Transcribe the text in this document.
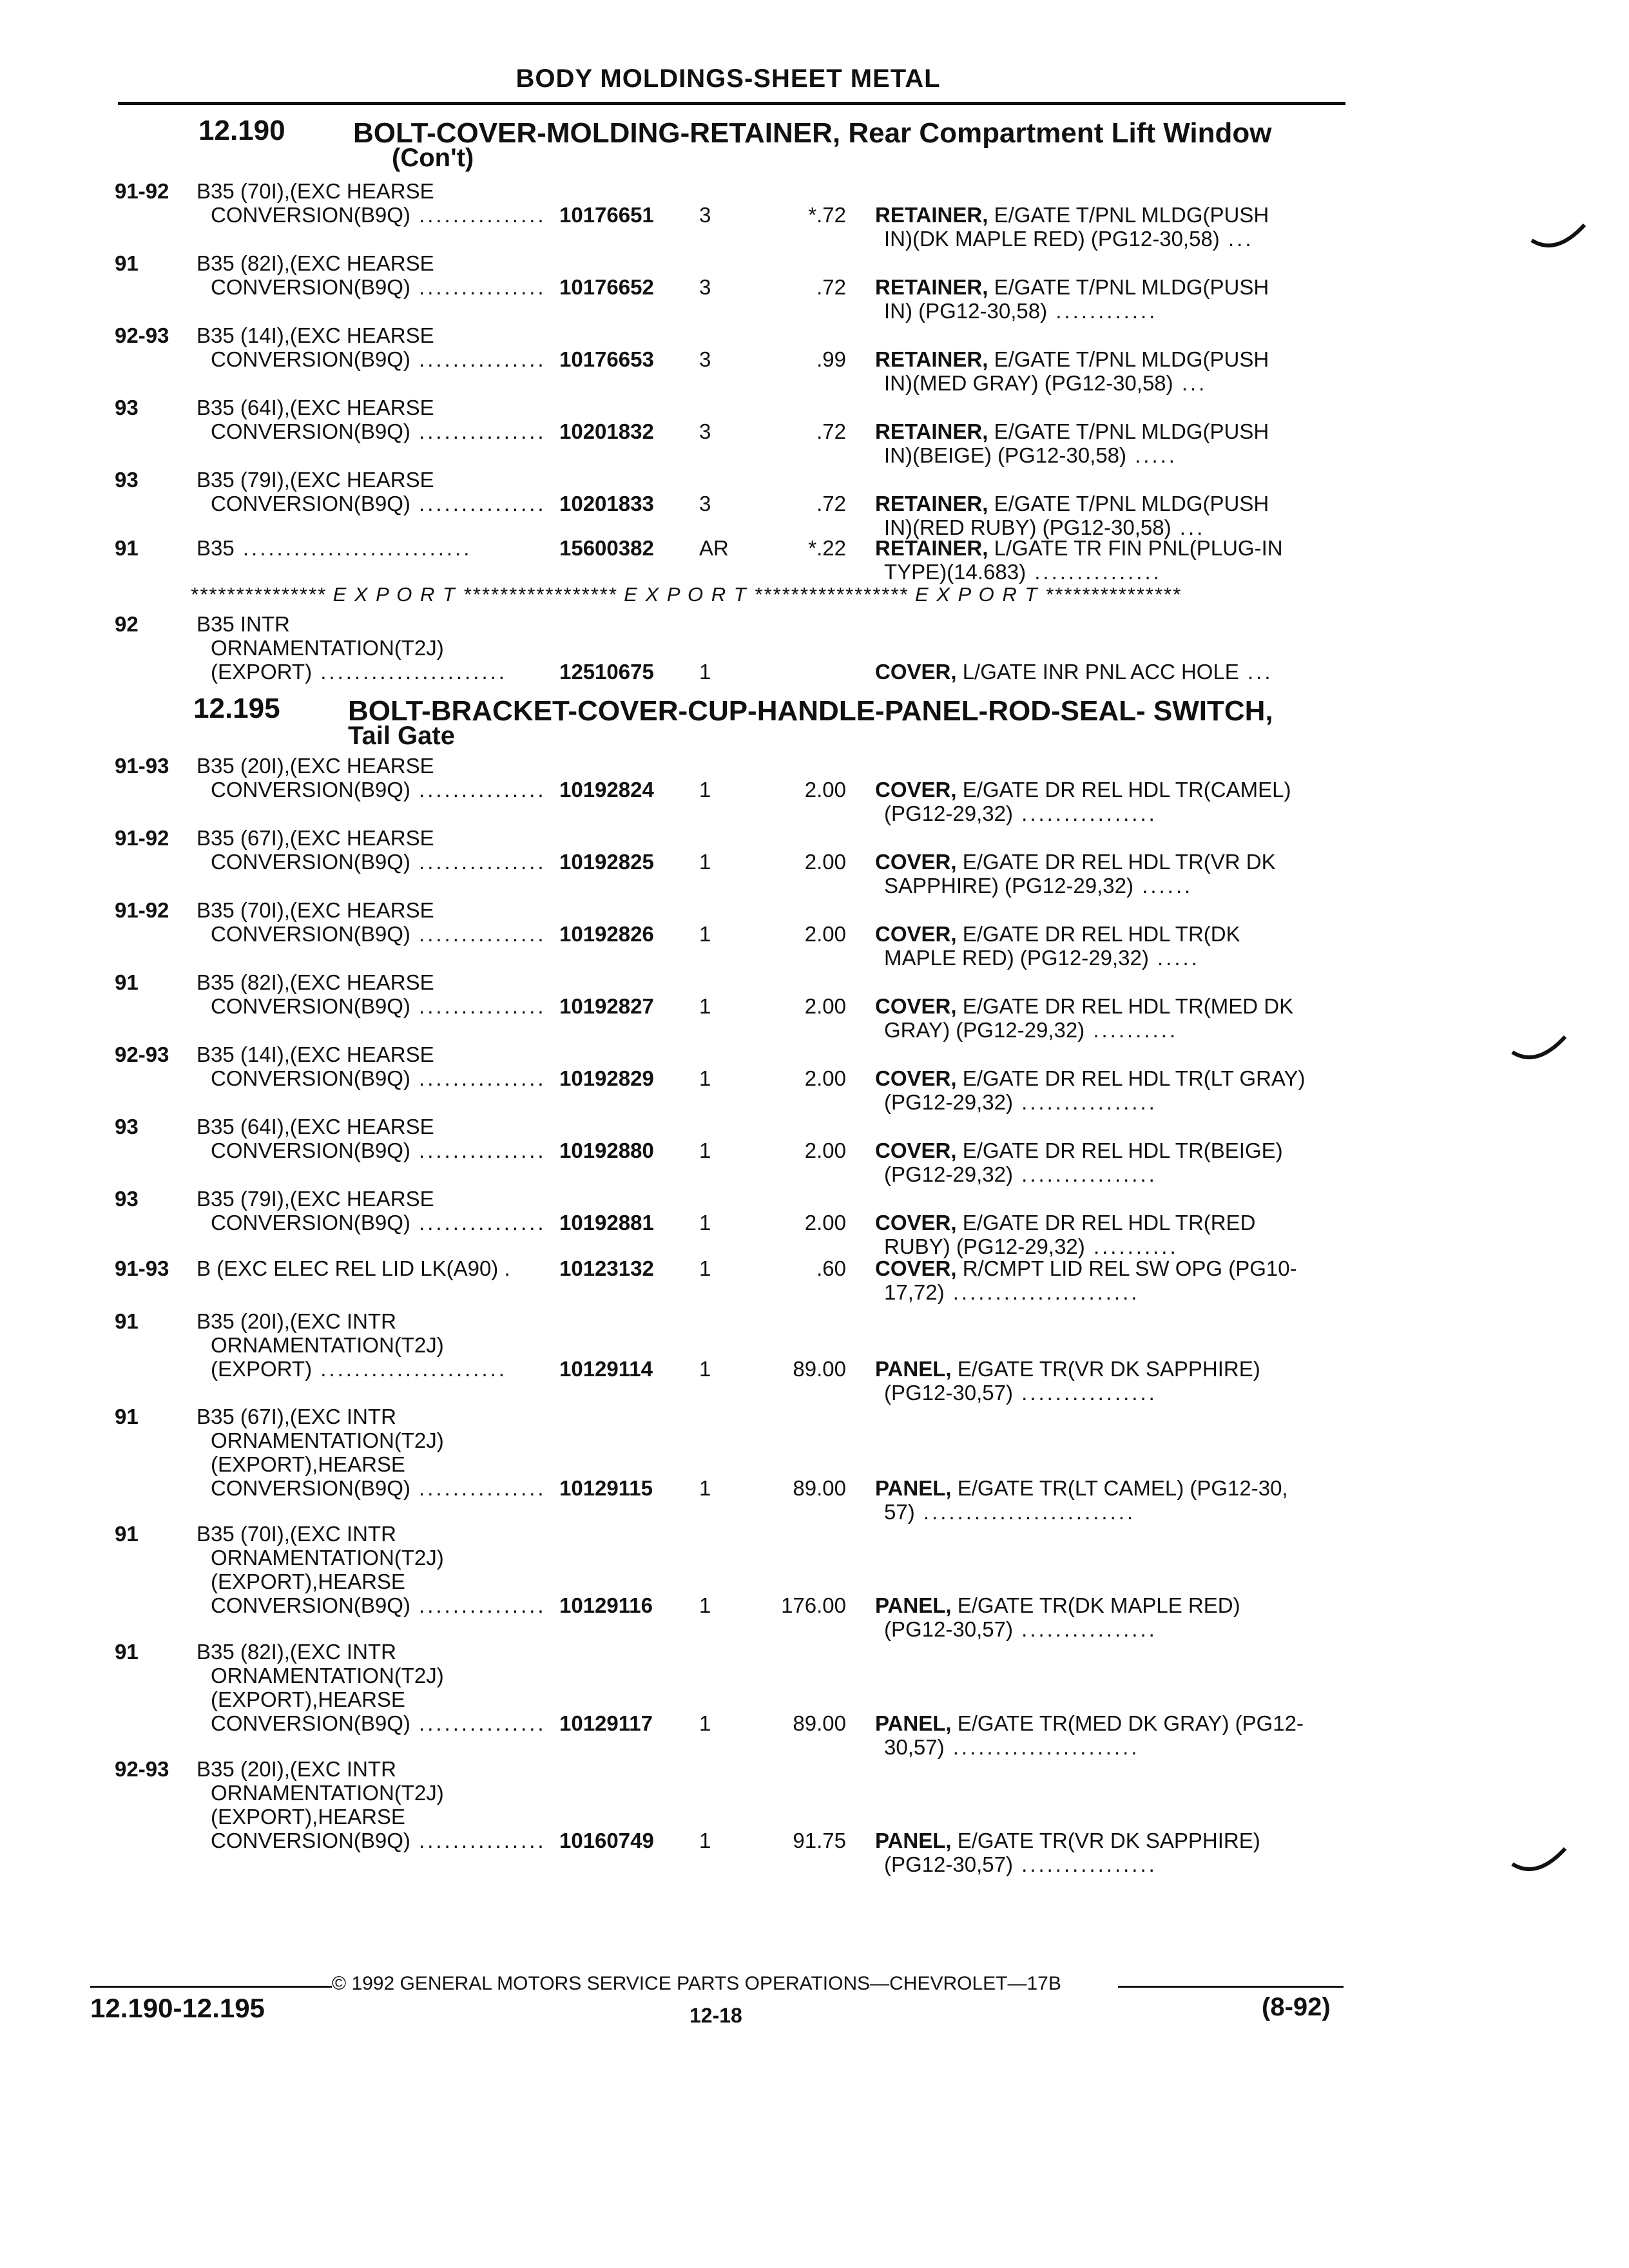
BODY MOLDINGS-SHEET METAL
12.190 BOLT-COVER-MOLDING-RETAINER, Rear Compartment Lift Window
(Con't)
91-92 B35 (70I),(EXC HEARSE
CONVERSION(B9Q) ............... 10176651 3	*.72 RETAINER, E/GATE T/PNL MLDG(PUSH
IN)(DK MAPLE RED) (PG12-30,58) ...
91	B35 (82I),(EXC HEARSE
CONVERSION(B9Q) ............... 10176652 3	.72 RETAINER, E/GATE T/PNL MLDG(PUSH
IN) (PG12-30,58) ............
92-93 B35 (14I),(EXC HEARSE
CONVERSION(B9Q) ............... 10176653 3	.99 RETAINER, E/GATE T/PNL MLDG(PUSH
IN)(MED GRAY) (PG12-30,58) ...
93	B35 (64I),(EXC HEARSE
CONVERSION(B9Q) ............... 10201832 3	.72 RETAINER, E/GATE T/PNL MLDG(PUSH
IN)(BEIGE) (PG12-30,58) .....
93	B35 (79I),(EXC HEARSE
CONVERSION(B9Q) ............... 10201833 3	.72 RETAINER, E/GATE T/PNL MLDG(PUSH
IN)(RED RUBY) (PG12-30,58) ...
91	B35 ...........................	15600382 AR	*.22 RETAINER, L/GATE TR FIN PNL(PLUG-IN
TYPE)(14.683) ...............
*************** E X P O R T ***************** E X P O R T ***************** E X P O R T ***************
92	B35 INTR
ORNAMENTATION(T2J)
(EXPORT) ...................... 12510675 1	COVER, L/GATE INR PNL ACC HOLE ...
12.195 BOLT-BRACKET-COVER-CUP-HANDLE-PANEL-ROD-SEAL- SWITCH,
Tail Gate
91-93 B35 (20I),(EXC HEARSE
CONVERSION(B9Q) ............... 10192824 1	2.00 COVER, E/GATE DR REL HDL TR(CAMEL)
(PG12-29,32) ................
91-92 B35 (67I),(EXC HEARSE
CONVERSION(B9Q) ............... 10192825 1	2.00 COVER, E/GATE DR REL HDL TR(VR DK
SAPPHIRE) (PG12-29,32) ......
91-92 B35 (70I),(EXC HEARSE
CONVERSION(B9Q) ............... 10192826 1	2.00 COVER, E/GATE DR REL HDL TR(DK
MAPLE RED) (PG12-29,32) .....
91	B35 (82I),(EXC HEARSE
CONVERSION(B9Q) ............... 10192827 1	2.00 COVER, E/GATE DR REL HDL TR(MED DK
GRAY) (PG12-29,32) ..........
92-93 B35 (14I),(EXC HEARSE
CONVERSION(B9Q) ............... 10192829 1	2.00 COVER, E/GATE DR REL HDL TR(LT GRAY)
(PG12-29,32) ................
93	B35 (64I),(EXC HEARSE
CONVERSION(B9Q) ............... 10192880 1	2.00 COVER, E/GATE DR REL HDL TR(BEIGE)
(PG12-29,32) ................
93	B35 (79I),(EXC HEARSE
CONVERSION(B9Q) ............... 10192881 1	2.00 COVER, E/GATE DR REL HDL TR(RED
RUBY) (PG12-29,32) ..........
91-93 B (EXC ELEC REL LID LK(A90) . 10123132 1	.60 COVER, R/CMPT LID REL SW OPG (PG10-
17,72) ......................
91	B35 (20I),(EXC INTR
ORNAMENTATION(T2J)
(EXPORT) ...................... 10129114 1	89.00 PANEL, E/GATE TR(VR DK SAPPHIRE)
(PG12-30,57) ................
91	B35 (67I),(EXC INTR
ORNAMENTATION(T2J)
(EXPORT),HEARSE
CONVERSION(B9Q) ............... 10129115 1	89.00 PANEL, E/GATE TR(LT CAMEL) (PG12-30,
57) .........................
91	B35 (70I),(EXC INTR
ORNAMENTATION(T2J)
(EXPORT),HEARSE
CONVERSION(B9Q) ............... 10129116 1	176.00 PANEL, E/GATE TR(DK MAPLE RED)
(PG12-30,57) ................
91	B35 (82I),(EXC INTR
ORNAMENTATION(T2J)
(EXPORT),HEARSE
CONVERSION(B9Q) ............... 10129117 1	89.00 PANEL, E/GATE TR(MED DK GRAY) (PG12-
30,57) ......................
92-93 B35 (20I),(EXC INTR
ORNAMENTATION(T2J)
(EXPORT),HEARSE
CONVERSION(B9Q) ............... 10160749 1	91.75 PANEL, E/GATE TR(VR DK SAPPHIRE)
(PG12-30,57) ................
© 1992 GENERAL MOTORS SERVICE PARTS OPERATIONS—CHEVROLET—17B
12.190-12.195	12-18	(8-92)
